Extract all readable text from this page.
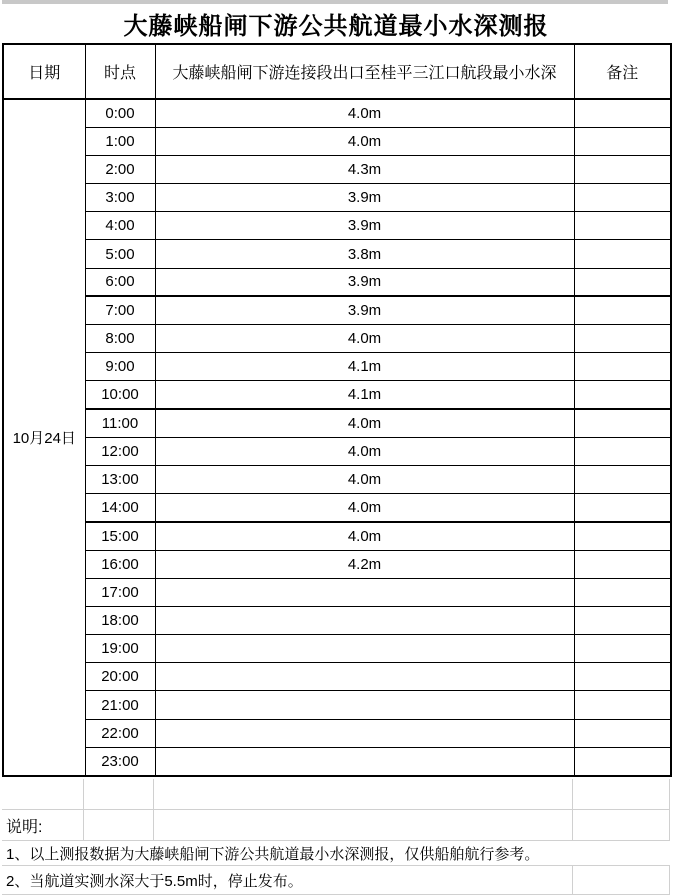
大藤峡船闸下游公共航道最小水深测报
日期	时点	大藤峡船闸下游连接段出口至桂平三江口航段最小水深	备注
10月24日	0:00	4.0m	
	1:00	4.0m	
	2:00	4.3m	
	3:00	3.9m	
	4:00	3.9m	
	5:00	3.8m	
	6:00	3.9m	
	7:00	3.9m	
	8:00	4.0m	
	9:00	4.1m	
	10:00	4.1m	
	11:00	4.0m	
	12:00	4.0m	
	13:00	4.0m	
	14:00	4.0m	
	15:00	4.0m	
	16:00	4.2m	
	17:00		
	18:00		
	19:00		
	20:00		
	21:00		
	22:00		
	23:00		
说明:
1、以上测报数据为大藤峡船闸下游公共航道最小水深测报，仅供船舶航行参考。
2、当航道实测水深大于5.5m时，停止发布。
